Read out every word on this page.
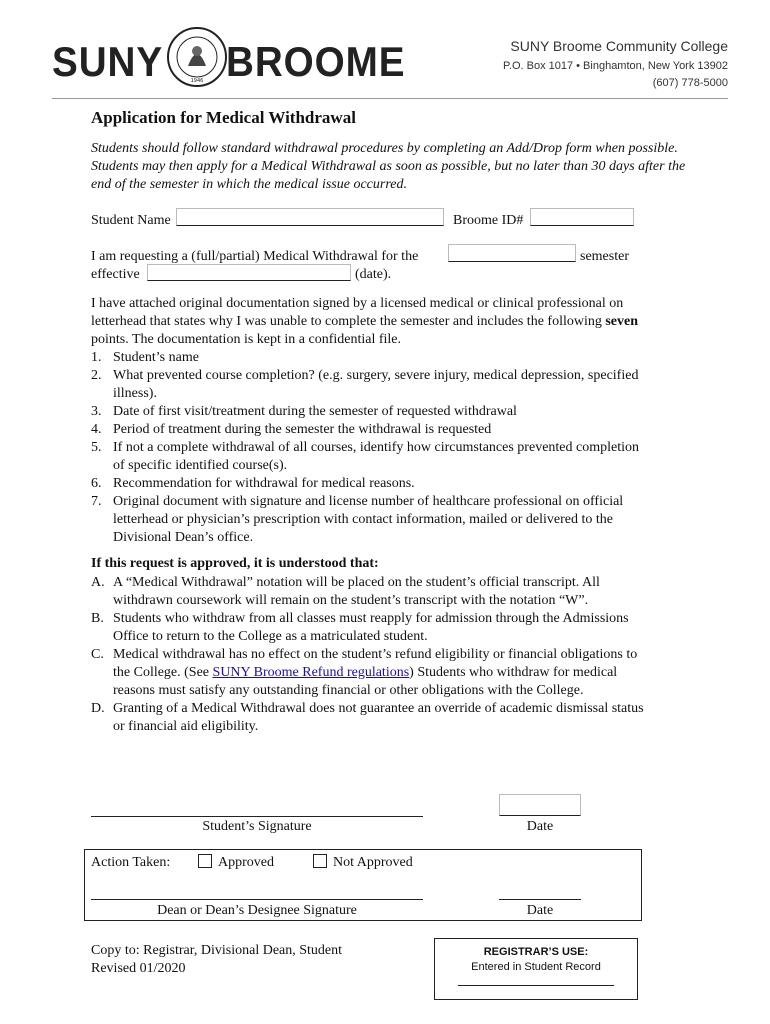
SUNY	1946 BROOME	SUNY Broome Community College
P.O. Box 1017 • Binghamton, New York 13902
(607) 778-5000
Application for Medical Withdrawal

Students should follow standard withdrawal procedures by completing an Add/Drop form when possible. Students may then apply for a Medical Withdrawal as soon as possible, but no later than 30 days after the end of the semester in which the medical issue occurred.

Student Name	Broome ID#
I am requesting a (full/partial) Medical Withdrawal for the	semester
effective	(date).

I have attached original documentation signed by a licensed medical or clinical professional on letterhead that states why I was unable to complete the semester and includes the following seven points. The documentation is kept in a confidential file.

1. Student’s name
2. What prevented course completion? (e.g. surgery, severe injury, medical depression, specified illness).
3. Date of first visit/treatment during the semester of requested withdrawal
4. Period of treatment during the semester the withdrawal is requested
5. If not a complete withdrawal of all courses, identify how circumstances prevented completion of specific identified course(s).
6. Recommendation for withdrawal for medical reasons.
7. Original document with signature and license number of healthcare professional on official letterhead or physician’s prescription with contact information, mailed or delivered to the Divisional Dean’s office.
If this request is approved, it is understood that:
A. A “Medical Withdrawal” notation will be placed on the student’s official transcript. All withdrawn coursework will remain on the student’s transcript with the notation “W”.
B. Students who withdraw from all classes must reapply for admission through the Admissions Office to return to the College as a matriculated student.
C. Medical withdrawal has no effect on the student’s refund eligibility or financial obligations to the College. (See SUNY Broome Refund regulations) Students who withdraw for medical reasons must satisfy any outstanding financial or other obligations with the College.
D. Granting of a Medical Withdrawal does not guarantee an override of academic dismissal status or financial aid eligibility.
Student’s Signature	Date
Action Taken:	Approved	Not Approved
Dean or Dean’s Designee Signature	Date
Copy to: Registrar, Divisional Dean, Student
Revised 01/2020
REGISTRAR’S USE:
Entered in Student Record
